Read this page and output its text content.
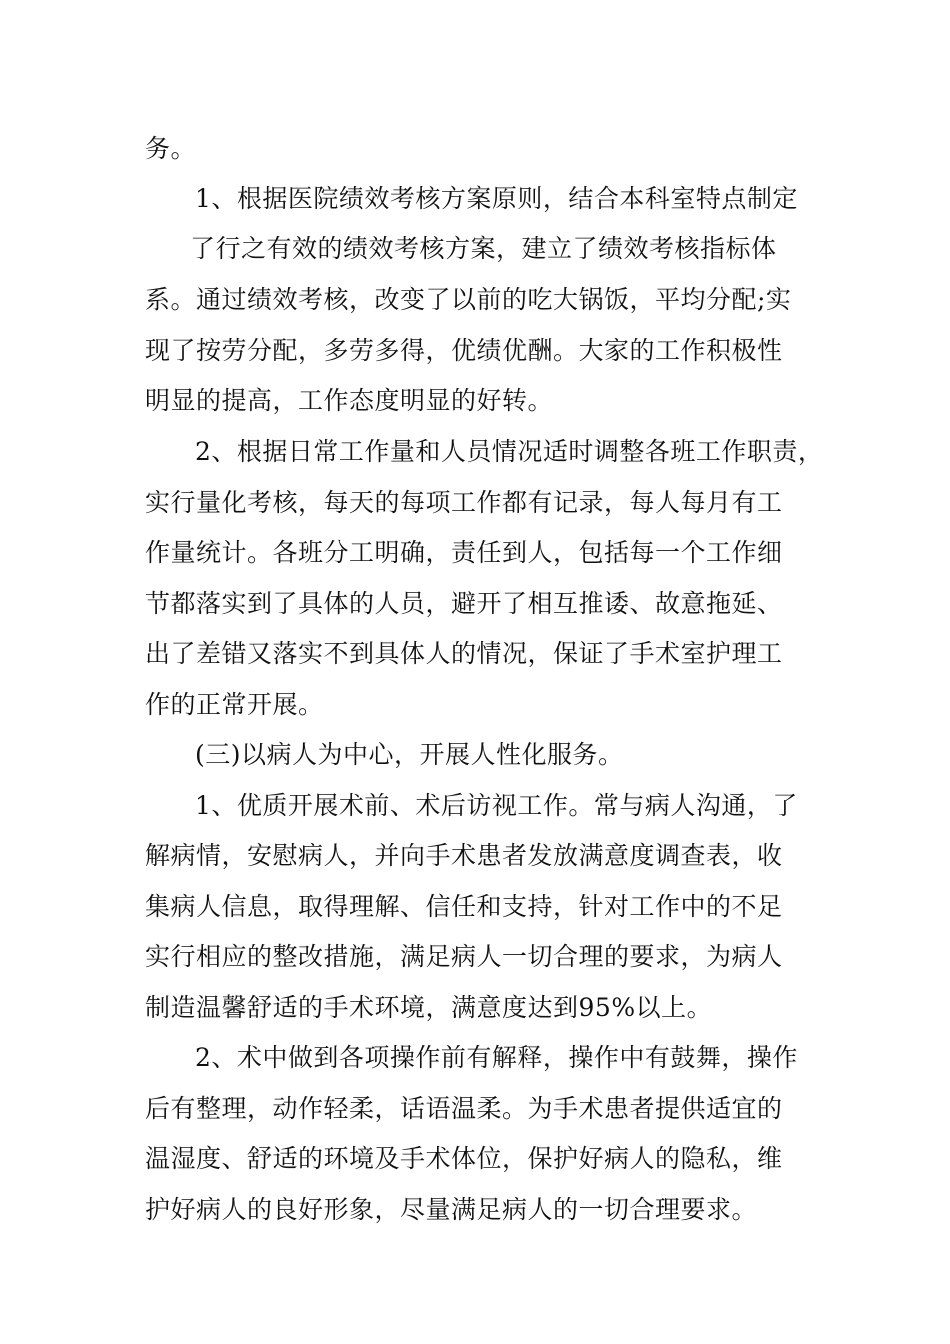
务。
1、根据医院绩效考核方案原则，结合本科室特点制定
了行之有效的绩效考核方案，建立了绩效考核指标体
系。通过绩效考核，改变了以前的吃大锅饭，平均分配;实
现了按劳分配，多劳多得，优绩优酬。大家的工作积极性
明显的提高，工作态度明显的好转。
2、根据日常工作量和人员情况适时调整各班工作职责，
实行量化考核，每天的每项工作都有记录，每人每月有工
作量统计。各班分工明确，责任到人，包括每一个工作细
节都落实到了具体的人员，避开了相互推诿、故意拖延、
出了差错又落实不到具体人的情况，保证了手术室护理工
作的正常开展。
(三)以病人为中心，开展人性化服务。
1、优质开展术前、术后访视工作。常与病人沟通，了
解病情，安慰病人，并向手术患者发放满意度调查表，收
集病人信息，取得理解、信任和支持，针对工作中的不足
实行相应的整改措施，满足病人一切合理的要求，为病人
制造温馨舒适的手术环境，满意度达到95%以上。
2、术中做到各项操作前有解释，操作中有鼓舞，操作
后有整理，动作轻柔，话语温柔。为手术患者提供适宜的
温湿度、舒适的环境及手术体位，保护好病人的隐私，维
护好病人的良好形象，尽量满足病人的一切合理要求。
